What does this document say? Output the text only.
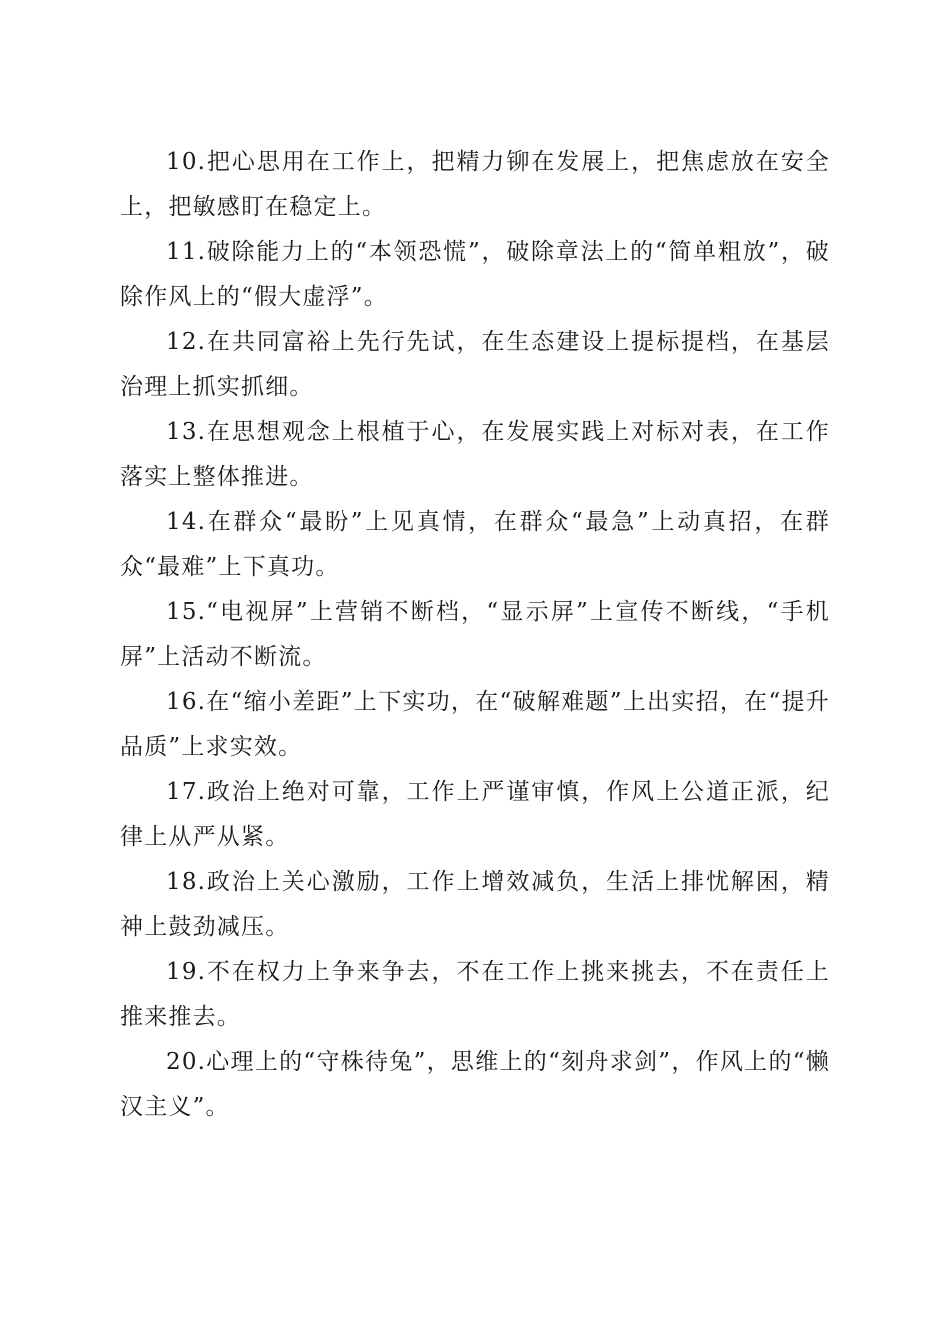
10.把心思用在工作上，把精力铆在发展上，把焦虑放在安全上，把敏感盯在稳定上。

11.破除能力上的“本领恐慌”，破除章法上的“简单粗放”，破除作风上的“假大虚浮”。

12.在共同富裕上先行先试，在生态建设上提标提档，在基层治理上抓实抓细。

13.在思想观念上根植于心，在发展实践上对标对表，在工作落实上整体推进。

14.在群众“最盼”上见真情，在群众“最急”上动真招，在群众“最难”上下真功。

15.“电视屏”上营销不断档，“显示屏”上宣传不断线，“手机屏”上活动不断流。

16.在“缩小差距”上下实功，在“破解难题”上出实招，在“提升品质”上求实效。

17.政治上绝对可靠，工作上严谨审慎，作风上公道正派，纪律上从严从紧。

18.政治上关心激励，工作上增效减负，生活上排忧解困，精神上鼓劲减压。

19.不在权力上争来争去，不在工作上挑来挑去，不在责任上推来推去。

20.心理上的“守株待兔”，思维上的“刻舟求剑”，作风上的“懒汉主义”。
